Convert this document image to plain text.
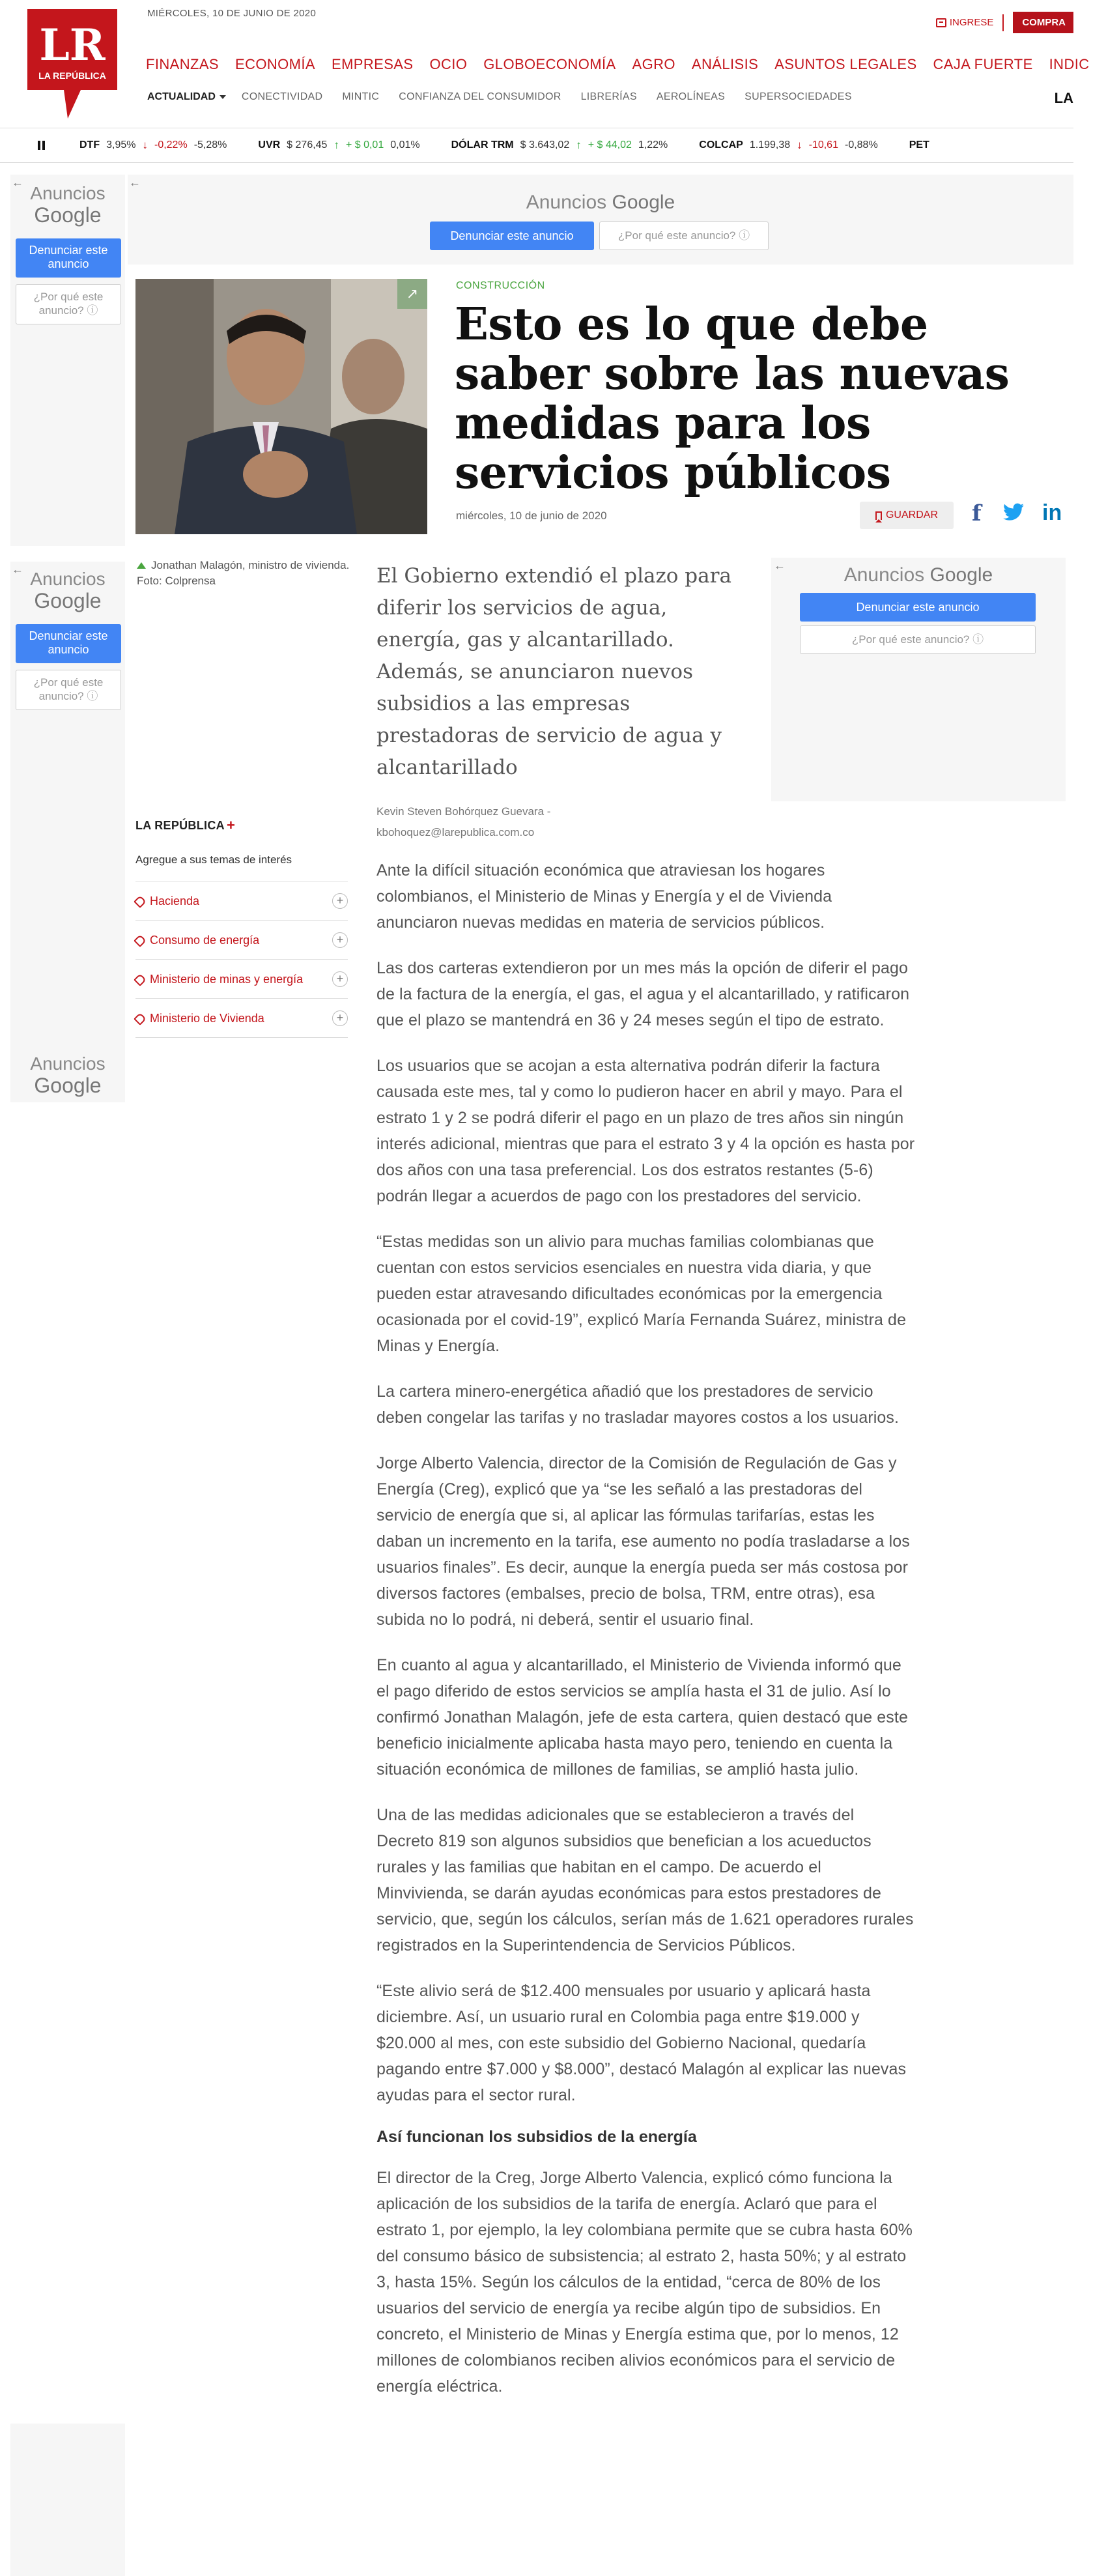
LR
LA REPÚBLICA
MIÉRCOLES, 10 DE JUNIO DE 2020
INGRESE	COMPRA
FINANZAS ECONOMÍA EMPRESAS OCIO GLOBOECONOMÍA AGRO ANÁLISIS ASUNTOS LEGALES CAJA FUERTE INDIC
ACTUALIDAD	CONECTIVIDAD MINTIC CONFIANZA DEL CONSUMIDOR LIBRERÍAS AEROLÍNEAS SUPERSOCIEDADES	LA
DTF 3,95% ↓ -0,22% -5,28%	UVR $ 276,45 ↑ + $ 0,01 0,01%	DÓLAR TRM $ 3.643,02 ↑ + $ 44,02 1,22%	COLCAP 1.199,38 ↓ -10,61 -0,88%	PET
←
Anuncios
Google
Denunciar este anuncio
¿Por qué este anuncio? ⓘ
←
Anuncios Google
Denunciar este anuncio	¿Por qué este anuncio? ⓘ
↗	CONSTRUCCIÓN
Esto es lo que debe saber sobre las nuevas medidas para los servicios públicos
miércoles, 10 de junio de 2020	GUARDAR f	in
← Anuncios
Google
Denunciar este anuncio
¿Por qué este anuncio? ⓘ
Anuncios
Google
Jonathan Malagón, ministro de vivienda. Foto: Colprensa	El Gobierno extendió el plazo para diferir los servicios de agua, energía, gas y alcantarillado. Además, se anunciaron nuevos subsidios a las empresas prestadoras de servicio de agua y alcantarillado
Kevin Steven Bohórquez Guevara - kbohoquez@larepublica.com.co
←	Anuncios Google
Denunciar este anuncio
¿Por qué este anuncio? ⓘ
LA REPÚBLICA +
Agregue a sus temas de interés
Hacienda	+
Consumo de energía	+
Ministerio de minas y energía	+
Ministerio de Vivienda	+

Ante la difícil situación económica que atraviesan los hogares colombianos, el Ministerio de Minas y Energía y el de Vivienda anunciaron nuevas medidas en materia de servicios públicos.

Las dos carteras extendieron por un mes más la opción de diferir el pago de la factura de la energía, el gas, el agua y el alcantarillado, y ratificaron que el plazo se mantendrá en 36 y 24 meses según el tipo de estrato.

Los usuarios que se acojan a esta alternativa podrán diferir la factura causada este mes, tal y como lo pudieron hacer en abril y mayo. Para el estrato 1 y 2 se podrá diferir el pago en un plazo de tres años sin ningún interés adicional, mientras que para el estrato 3 y 4 la opción es hasta por dos años con una tasa preferencial. Los dos estratos restantes (5-6) podrán llegar a acuerdos de pago con los prestadores del servicio.

“Estas medidas son un alivio para muchas familias colombianas que cuentan con estos servicios esenciales en nuestra vida diaria, y que pueden estar atravesando dificultades económicas por la emergencia ocasionada por el covid-19”, explicó María Fernanda Suárez, ministra de Minas y Energía.

La cartera minero-energética añadió que los prestadores de servicio deben congelar las tarifas y no trasladar mayores costos a los usuarios.

Jorge Alberto Valencia, director de la Comisión de Regulación de Gas y Energía (Creg), explicó que ya “se les señaló a las prestadoras del servicio de energía que si, al aplicar las fórmulas tarifarías, estas les daban un incremento en la tarifa, ese aumento no podía trasladarse a los usuarios finales”. Es decir, aunque la energía pueda ser más costosa por diversos factores (embalses, precio de bolsa, TRM, entre otras), esa subida no lo podrá, ni deberá, sentir el usuario final.

En cuanto al agua y alcantarillado, el Ministerio de Vivienda informó que el pago diferido de estos servicios se amplía hasta el 31 de julio. Así lo confirmó Jonathan Malagón, jefe de esta cartera, quien destacó que este beneficio inicialmente aplicaba hasta mayo pero, teniendo en cuenta la situación económica de millones de familias, se amplió hasta julio.

Una de las medidas adicionales que se establecieron a través del Decreto 819 son algunos subsidios que benefician a los acueductos rurales y las familias que habitan en el campo. De acuerdo el Minvivienda, se darán ayudas económicas para estos prestadores de servicio, que, según los cálculos, serían más de 1.621 operadores rurales registrados en la Superintendencia de Servicios Públicos.

“Este alivio será de $12.400 mensuales por usuario y aplicará hasta diciembre. Así, un usuario rural en Colombia paga entre $19.000 y $20.000 al mes, con este subsidio del Gobierno Nacional, quedaría pagando entre $7.000 y $8.000”, destacó Malagón al explicar las nuevas ayudas para el sector rural.

Así funcionan los subsidios de la energía

El director de la Creg, Jorge Alberto Valencia, explicó cómo funciona la aplicación de los subsidios de la tarifa de energía. Aclaró que para el estrato 1, por ejemplo, la ley colombiana permite que se cubra hasta 60% del consumo básico de subsistencia; al estrato 2, hasta 50%; y al estrato 3, hasta 15%. Según los cálculos de la entidad, “cerca de 80% de los usuarios del servicio de energía ya recibe algún tipo de subsidios. En concreto, el Ministerio de Minas y Energía estima que, por lo menos, 12 millones de colombianos reciben alivios económicos para el servicio de energía eléctrica.
